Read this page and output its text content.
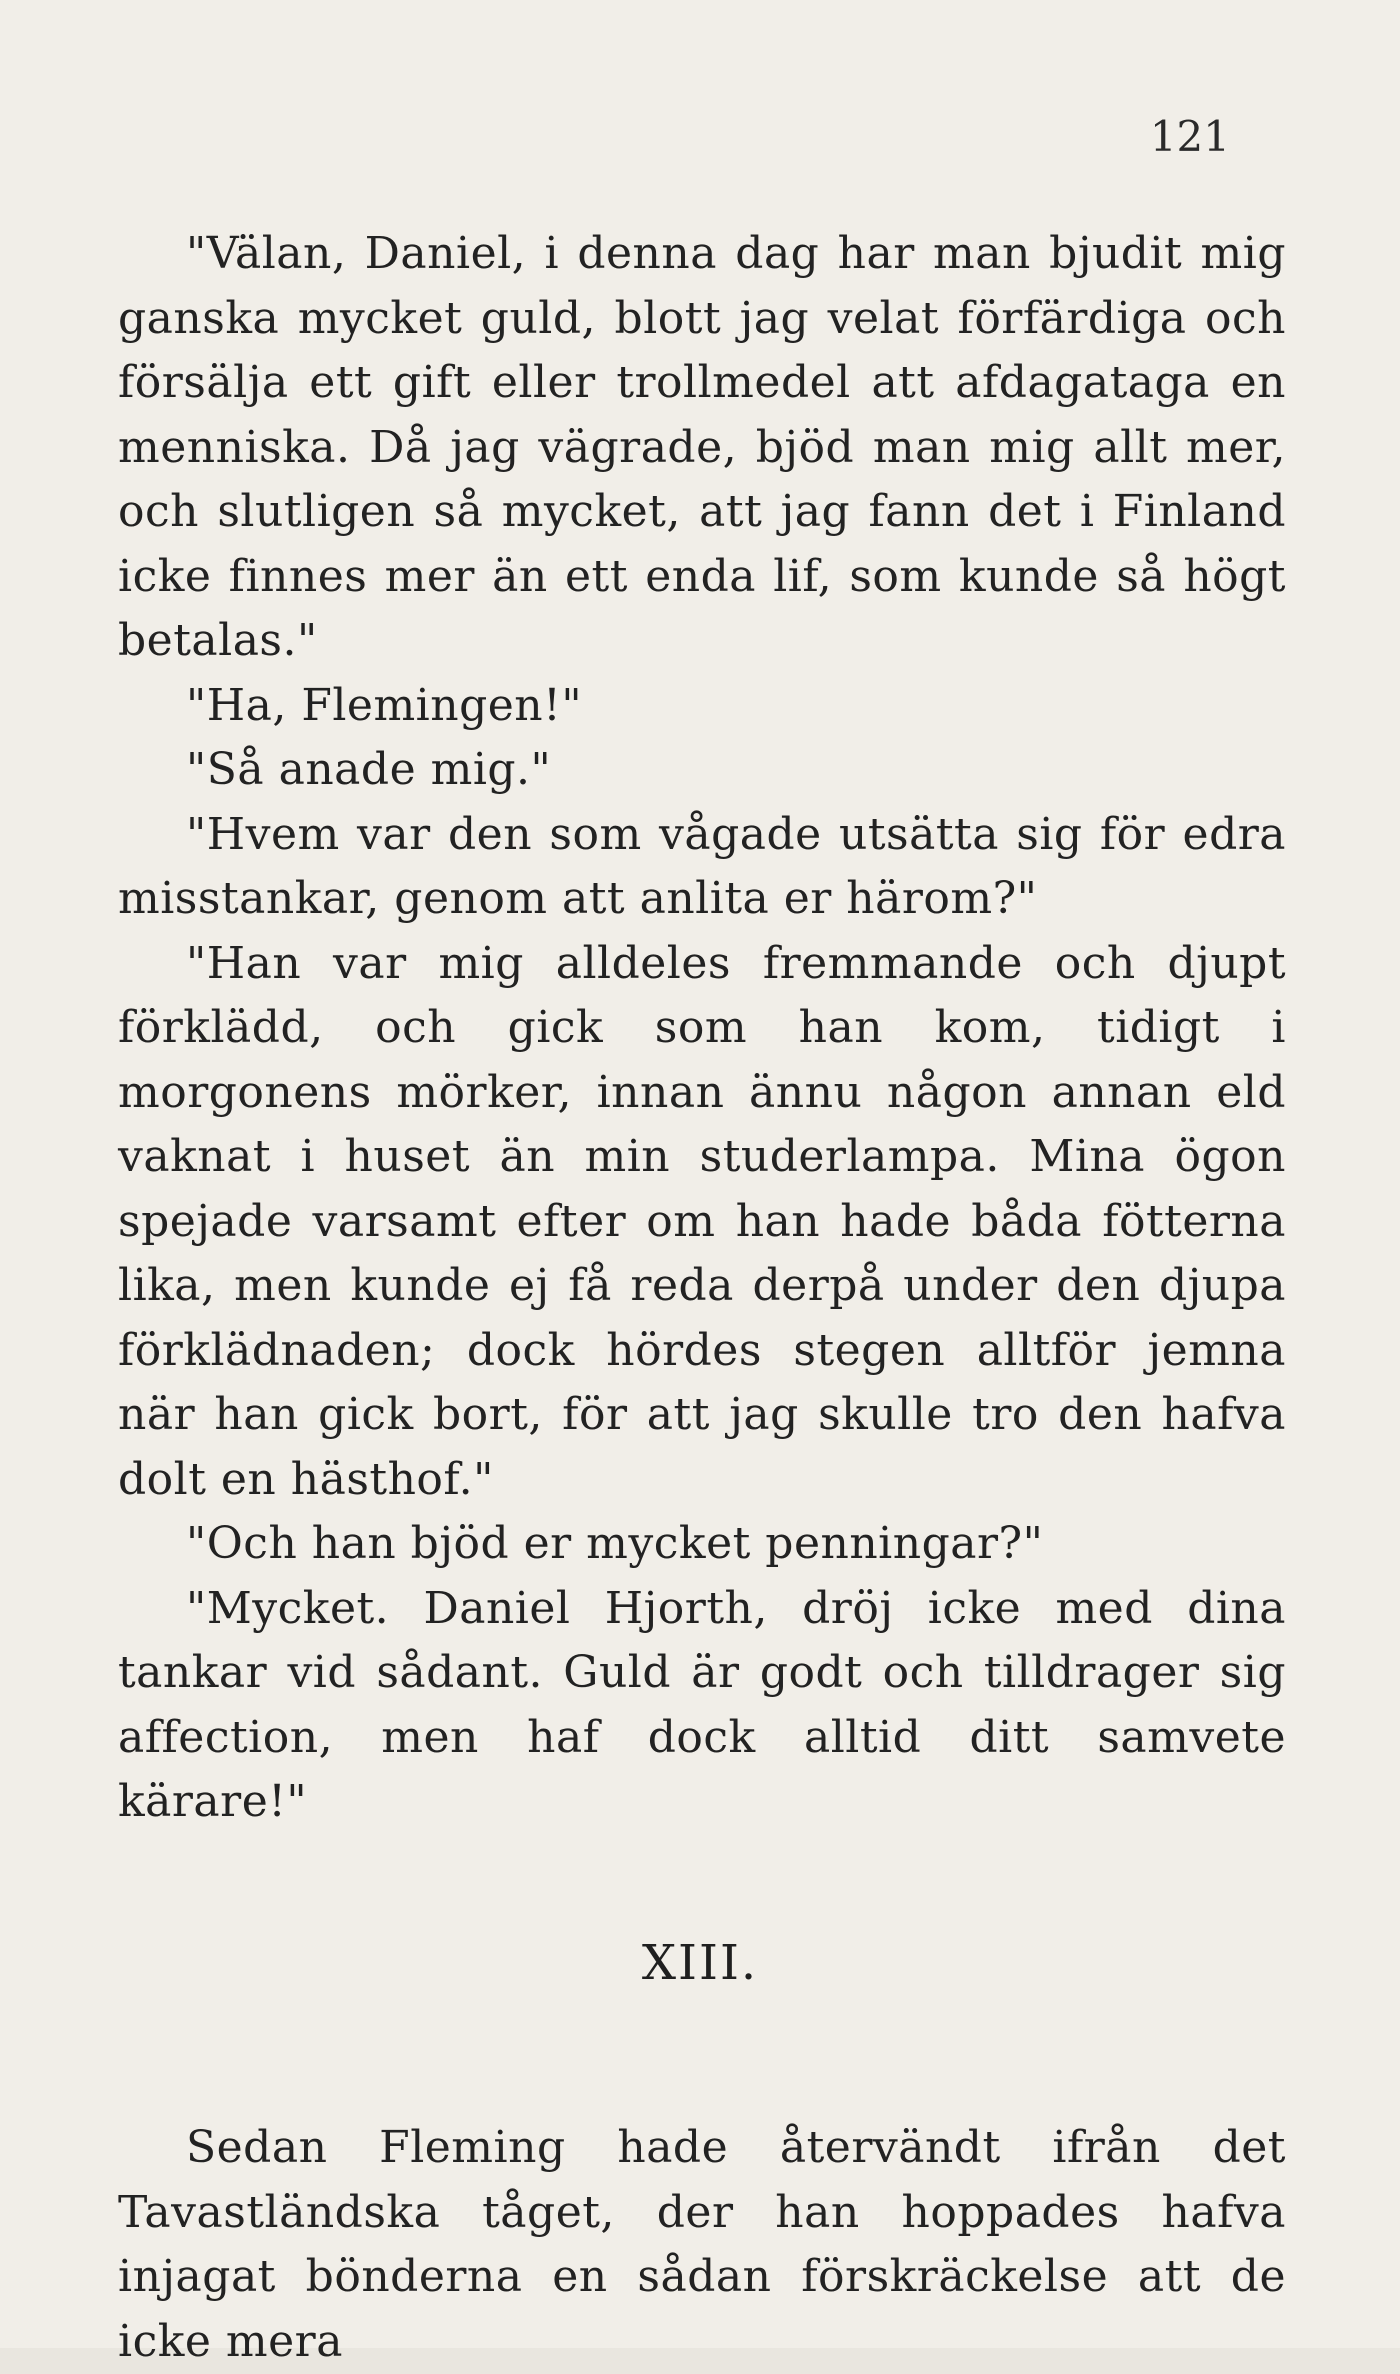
121

"Välan, Daniel, i denna dag har man bjudit mig ganska mycket guld, blott jag velat förfärdiga och försälja ett gift eller trollmedel att afdagataga en menniska. Då jag vägrade, bjöd man mig allt mer, och slutligen så mycket, att jag fann det i Finland icke finnes mer än ett enda lif, som kunde så högt betalas."

"Ha, Flemingen!"

"Så anade mig."

"Hvem var den som vågade utsätta sig för edra misstankar, genom att anlita er härom?"

"Han var mig alldeles fremmande och djupt förklädd, och gick som han kom, tidigt i morgonens mörker, innan ännu någon annan eld vaknat i huset än min studerlampa. Mina ögon spejade varsamt efter om han hade båda fötterna lika, men kunde ej få reda derpå under den djupa förklädnaden; dock hördes stegen alltför jemna när han gick bort, för att jag skulle tro den hafva dolt en hästhof."

"Och han bjöd er mycket penningar?"

"Mycket. Daniel Hjorth, dröj icke med dina tankar vid sådant. Guld är godt och tilldrager sig affection, men haf dock alltid ditt samvete kärare!"

XIII.

Sedan Fleming hade återvändt ifrån det Tavastländska tåget, der han hoppades hafva injagat bönderna en sådan förskräckelse att de icke mera
